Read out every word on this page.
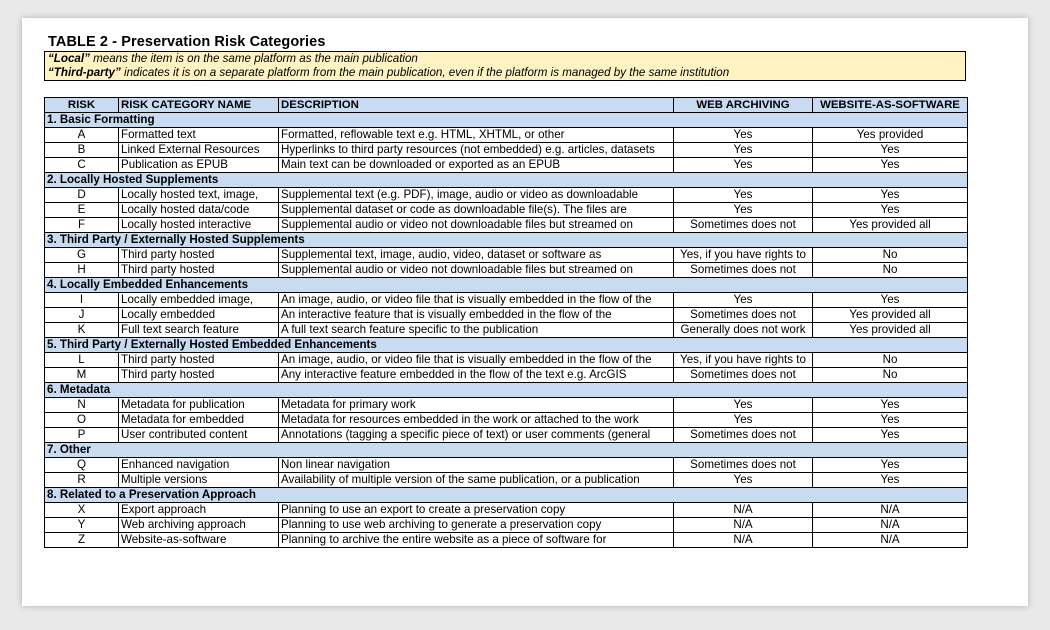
TABLE 2 - Preservation Risk Categories
“Local” means the item is on the same platform as the main publication
“Third-party” indicates it is on a separate platform from the main publication, even if the platform is managed by the same institution
RISK	RISK CATEGORY NAME	DESCRIPTION	WEB ARCHIVING	WEBSITE-AS-SOFTWARE
1. Basic Formatting				
A	Formatted text	Formatted, reflowable text e.g. HTML, XHTML, or other	Yes	Yes provided
B	Linked External Resources	Hyperlinks to third party resources (not embedded) e.g. articles, datasets	Yes	Yes
C	Publication as EPUB	Main text can be downloaded or exported as an EPUB	Yes	Yes
2. Locally Hosted Supplements				
D	Locally hosted text, image,	Supplemental text (e.g. PDF), image, audio or video as downloadable	Yes	Yes
E	Locally hosted data/code	Supplemental dataset or code as downloadable file(s). The files are	Yes	Yes
F	Locally hosted interactive	Supplemental audio or video not downloadable files but streamed on	Sometimes does not	Yes provided all
3. Third Party / Externally Hosted Supplements				
G	Third party hosted	Supplemental text, image, audio, video, dataset or software as	Yes, if you have rights to	No
H	Third party hosted	Supplemental audio or video not downloadable files but streamed on	Sometimes does not	No
4. Locally Embedded Enhancements				
I	Locally embedded image,	An image, audio, or video file that is visually embedded in the flow of the	Yes	Yes
J	Locally embedded	An interactive feature that is visually embedded in the flow of the	Sometimes does not	Yes provided all
K	Full text search feature	A full text search feature specific to the publication	Generally does not work	Yes provided all
5. Third Party / Externally Hosted Embedded Enhancements				
L	Third party hosted	An image, audio, or video file that is visually embedded in the flow of the	Yes, if you have rights to	No
M	Third party hosted	Any interactive feature embedded in the flow of the text e.g. ArcGIS	Sometimes does not	No
6. Metadata				
N	Metadata for publication	Metadata for primary work	Yes	Yes
O	Metadata for embedded	Metadata for resources embedded in the work or attached to the work	Yes	Yes
P	User contributed content	Annotations (tagging a specific piece of text) or user comments (general	Sometimes does not	Yes
7. Other				
Q	Enhanced navigation	Non linear navigation	Sometimes does not	Yes
R	Multiple versions	Availability of multiple version of the same publication, or a publication	Yes	Yes
8. Related to a Preservation Approach				
X	Export approach	Planning to use an export to create a preservation copy	N/A	N/A
Y	Web archiving approach	Planning to use web archiving to generate a preservation copy	N/A	N/A
Z	Website-as-software	Planning to archive the entire website as a piece of software for	N/A	N/A
